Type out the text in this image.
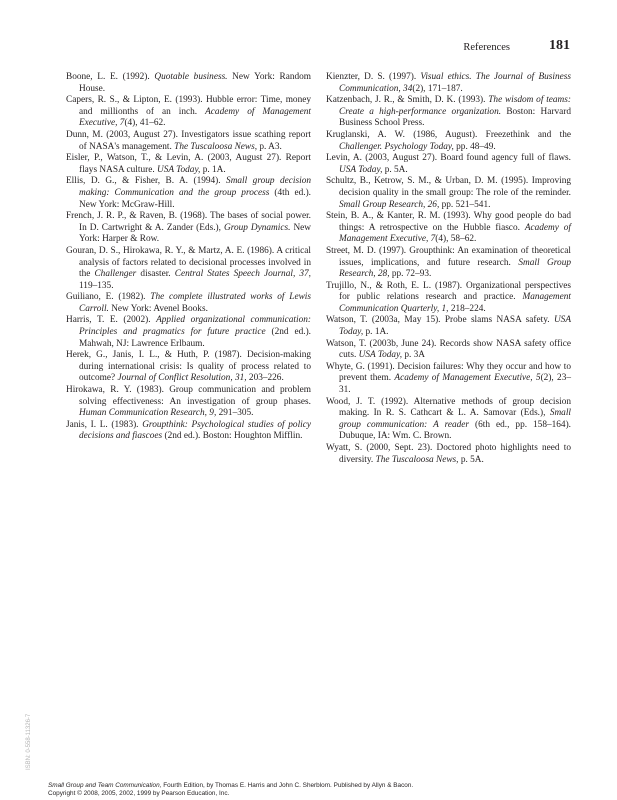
References	181

Boone, L. E. (1992). Quotable business. New York: Random House.

Capers, R. S., & Lipton, E. (1993). Hubble error: Time, money and millionths of an inch. Academy of Management Executive, 7(4), 41–62.

Dunn, M. (2003, August 27). Investigators issue scathing report of NASA's management. The Tuscaloosa News, p. A3.

Eisler, P., Watson, T., & Levin, A. (2003, August 27). Report flays NASA culture. USA Today, p. 1A.

Ellis, D. G., & Fisher, B. A. (1994). Small group decision making: Communication and the group process (4th ed.). New York: McGraw-Hill.

French, J. R. P., & Raven, B. (1968). The bases of social power. In D. Cartwright & A. Zander (Eds.), Group Dynamics. New York: Harper & Row.

Gouran, D. S., Hirokawa, R. Y., & Martz, A. E. (1986). A critical analysis of factors related to decisional processes involved in the Challenger disaster. Central States Speech Journal, 37, 119–135.

Guiliano, E. (1982). The complete illustrated works of Lewis Carroll. New York: Avenel Books.

Harris, T. E. (2002). Applied organizational communication: Principles and pragmatics for future practice (2nd ed.). Mahwah, NJ: Lawrence Erlbaum.

Herek, G., Janis, I. L., & Huth, P. (1987). Decision-making during international crisis: Is quality of process related to outcome? Journal of Conflict Resolution, 31, 203–226.

Hirokawa, R. Y. (1983). Group communication and problem solving effectiveness: An investigation of group phases. Human Communication Research, 9, 291–305.

Janis, I. L. (1983). Groupthink: Psychological studies of policy decisions and fiascoes (2nd ed.). Boston: Houghton Mifflin.

Kienzter, D. S. (1997). Visual ethics. The Journal of Business Communication, 34(2), 171–187.

Katzenbach, J. R., & Smith, D. K. (1993). The wisdom of teams: Create a high-performance organization. Boston: Harvard Business School Press.

Kruglanski, A. W. (1986, August). Freezethink and the Challenger. Psychology Today, pp. 48–49.

Levin, A. (2003, August 27). Board found agency full of flaws. USA Today, p. 5A.

Schultz, B., Ketrow, S. M., & Urban, D. M. (1995). Improving decision quality in the small group: The role of the reminder. Small Group Research, 26, pp. 521–541.

Stein, B. A., & Kanter, R. M. (1993). Why good people do bad things: A retrospective on the Hubble fiasco. Academy of Management Executive, 7(4), 58–62.

Street, M. D. (1997). Groupthink: An examination of theoretical issues, implications, and future research. Small Group Research, 28, pp. 72–93.

Trujillo, N., & Roth, E. L. (1987). Organizational perspectives for public relations research and practice. Management Communication Quarterly, 1, 218–224.

Watson, T. (2003a, May 15). Probe slams NASA safety. USA Today, p. 1A.

Watson, T. (2003b, June 24). Records show NASA safety office cuts. USA Today, p. 3A

Whyte, G. (1991). Decision failures: Why they occur and how to prevent them. Academy of Management Executive, 5(2), 23–31.

Wood, J. T. (1992). Alternative methods of group decision making. In R. S. Cathcart & L. A. Samovar (Eds.), Small group communication: A reader (6th ed., pp. 158–164). Dubuque, IA: Wm. C. Brown.

Wyatt, S. (2000, Sept. 23). Doctored photo highlights need to diversity. The Tuscaloosa News, p. 5A.

ISBN: 0-558-11326-7
Small Group and Team Communication, Fourth Edition, by Thomas E. Harris and John C. Sherblom. Published by Allyn & Bacon.
Copyright © 2008, 2005, 2002, 1999 by Pearson Education, Inc.
